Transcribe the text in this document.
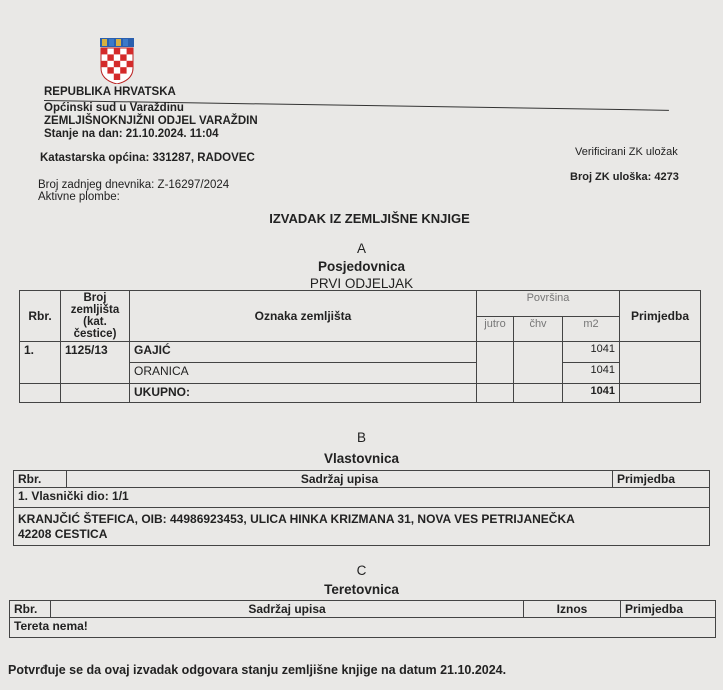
REPUBLIKA HRVATSKA
Općinski sud u Varaždinu
ZEMLJIŠNOKNJIŽNI ODJEL VARAŽDIN
Stanje na dan: 21.10.2024. 11:04
Verificirani ZK uložak
Katastarska općina: 331287, RADOVEC
Broj ZK uloška: 4273
Broj zadnjeg dnevnika: Z-16297/2024
Aktivne plombe:
IZVADAK IZ ZEMLJIŠNE KNJIGE
A
Posjedovnica
PRVI ODJELJAK
Rbr.	Broj
zemljišta
(kat.
čestice)	Oznaka zemljišta	Površina			Primjedba
			jutro	čhv	m2	
1.	1125/13	GAJIĆ			1041	
		ORANICA			1041	
		UKUPNO:			1041	
B
Vlastovnica
Rbr.	Sadržaj upisa	Primjedba
1. Vlasnički dio: 1/1

KRANJČIĆ ŠTEFICA, OIB: 44986923453, ULICA HINKA KRIZMANA 31, NOVA VES PETRIJANEČKA
42208 CESTICA
C
Teretovnica
Rbr.	Sadržaj upisa	Iznos	Primjedba
Tereta nema!
Potvrđuje se da ovaj izvadak odgovara stanju zemljišne knjige na datum 21.10.2024.
